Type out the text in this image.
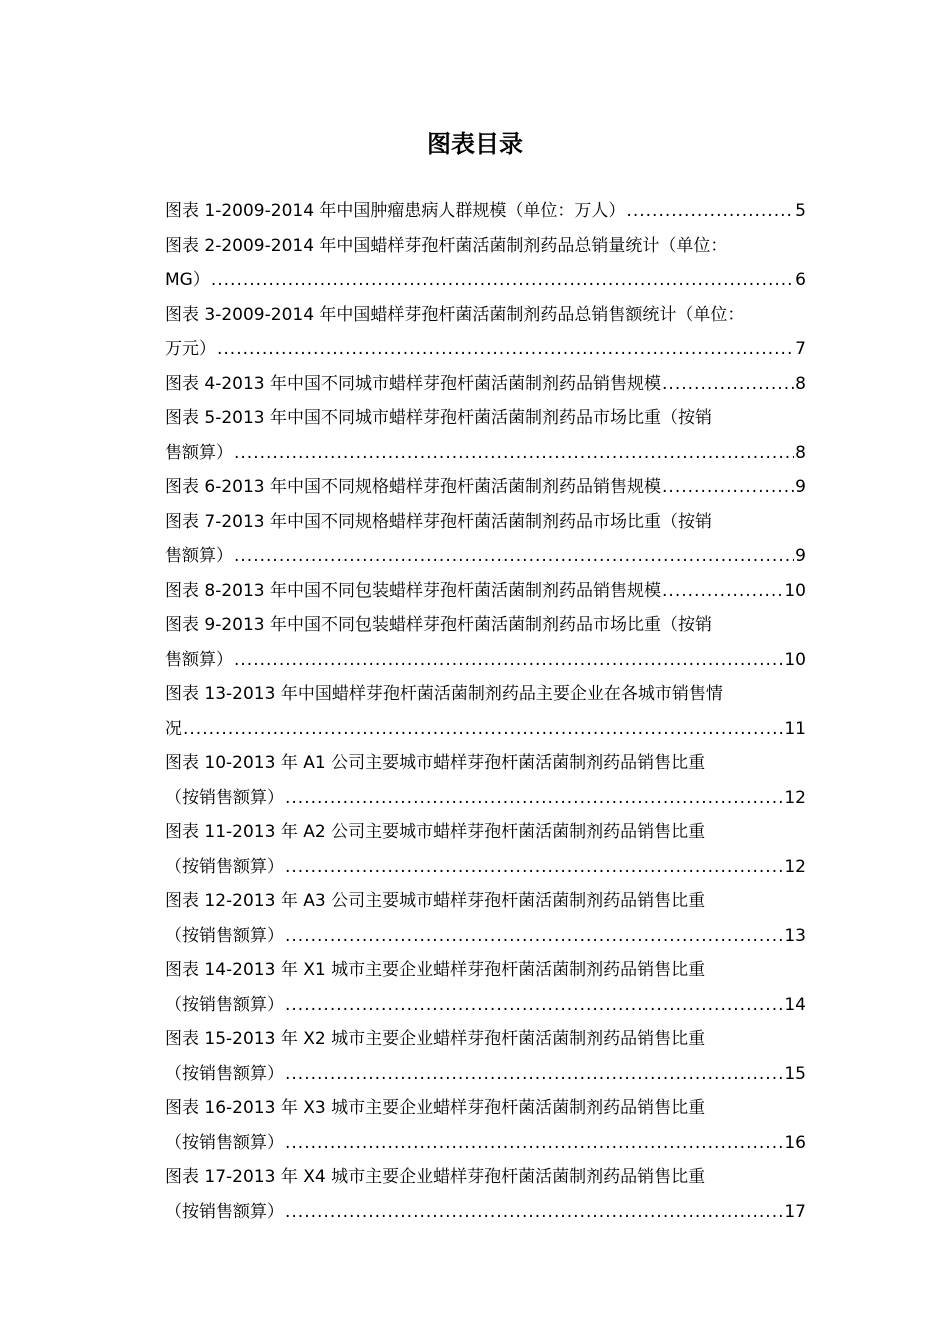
图表目录
图表 1-2009-2014 年中国肿瘤患病人群规模（单位：万人） .....	5
图表 2-2009-2014 年中国蜡样芽孢杆菌活菌制剂药品总销量统计（单位：
MG） .....	6
图表 3-2009-2014 年中国蜡样芽孢杆菌活菌制剂药品总销售额统计（单位：
万元） .....	7
图表 4-2013 年中国不同城市蜡样芽孢杆菌活菌制剂药品销售规模 .....	8
图表 5-2013 年中国不同城市蜡样芽孢杆菌活菌制剂药品市场比重（按销
售额算） .....	8
图表 6-2013 年中国不同规格蜡样芽孢杆菌活菌制剂药品销售规模 .....	9
图表 7-2013 年中国不同规格蜡样芽孢杆菌活菌制剂药品市场比重（按销
售额算） .....	9
图表 8-2013 年中国不同包装蜡样芽孢杆菌活菌制剂药品销售规模 .....	10
图表 9-2013 年中国不同包装蜡样芽孢杆菌活菌制剂药品市场比重（按销
售额算） .....	10
图表 13-2013 年中国蜡样芽孢杆菌活菌制剂药品主要企业在各城市销售情
况 .....	11
图表 10-2013 年 A1 公司主要城市蜡样芽孢杆菌活菌制剂药品销售比重
（按销售额算） .....	12
图表 11-2013 年 A2 公司主要城市蜡样芽孢杆菌活菌制剂药品销售比重
（按销售额算） .....	12
图表 12-2013 年 A3 公司主要城市蜡样芽孢杆菌活菌制剂药品销售比重
（按销售额算） .....	13
图表 14-2013 年 X1 城市主要企业蜡样芽孢杆菌活菌制剂药品销售比重
（按销售额算） .....	14
图表 15-2013 年 X2 城市主要企业蜡样芽孢杆菌活菌制剂药品销售比重
（按销售额算） .....	15
图表 16-2013 年 X3 城市主要企业蜡样芽孢杆菌活菌制剂药品销售比重
（按销售额算） .....	16
图表 17-2013 年 X4 城市主要企业蜡样芽孢杆菌活菌制剂药品销售比重
（按销售额算） .....	17
